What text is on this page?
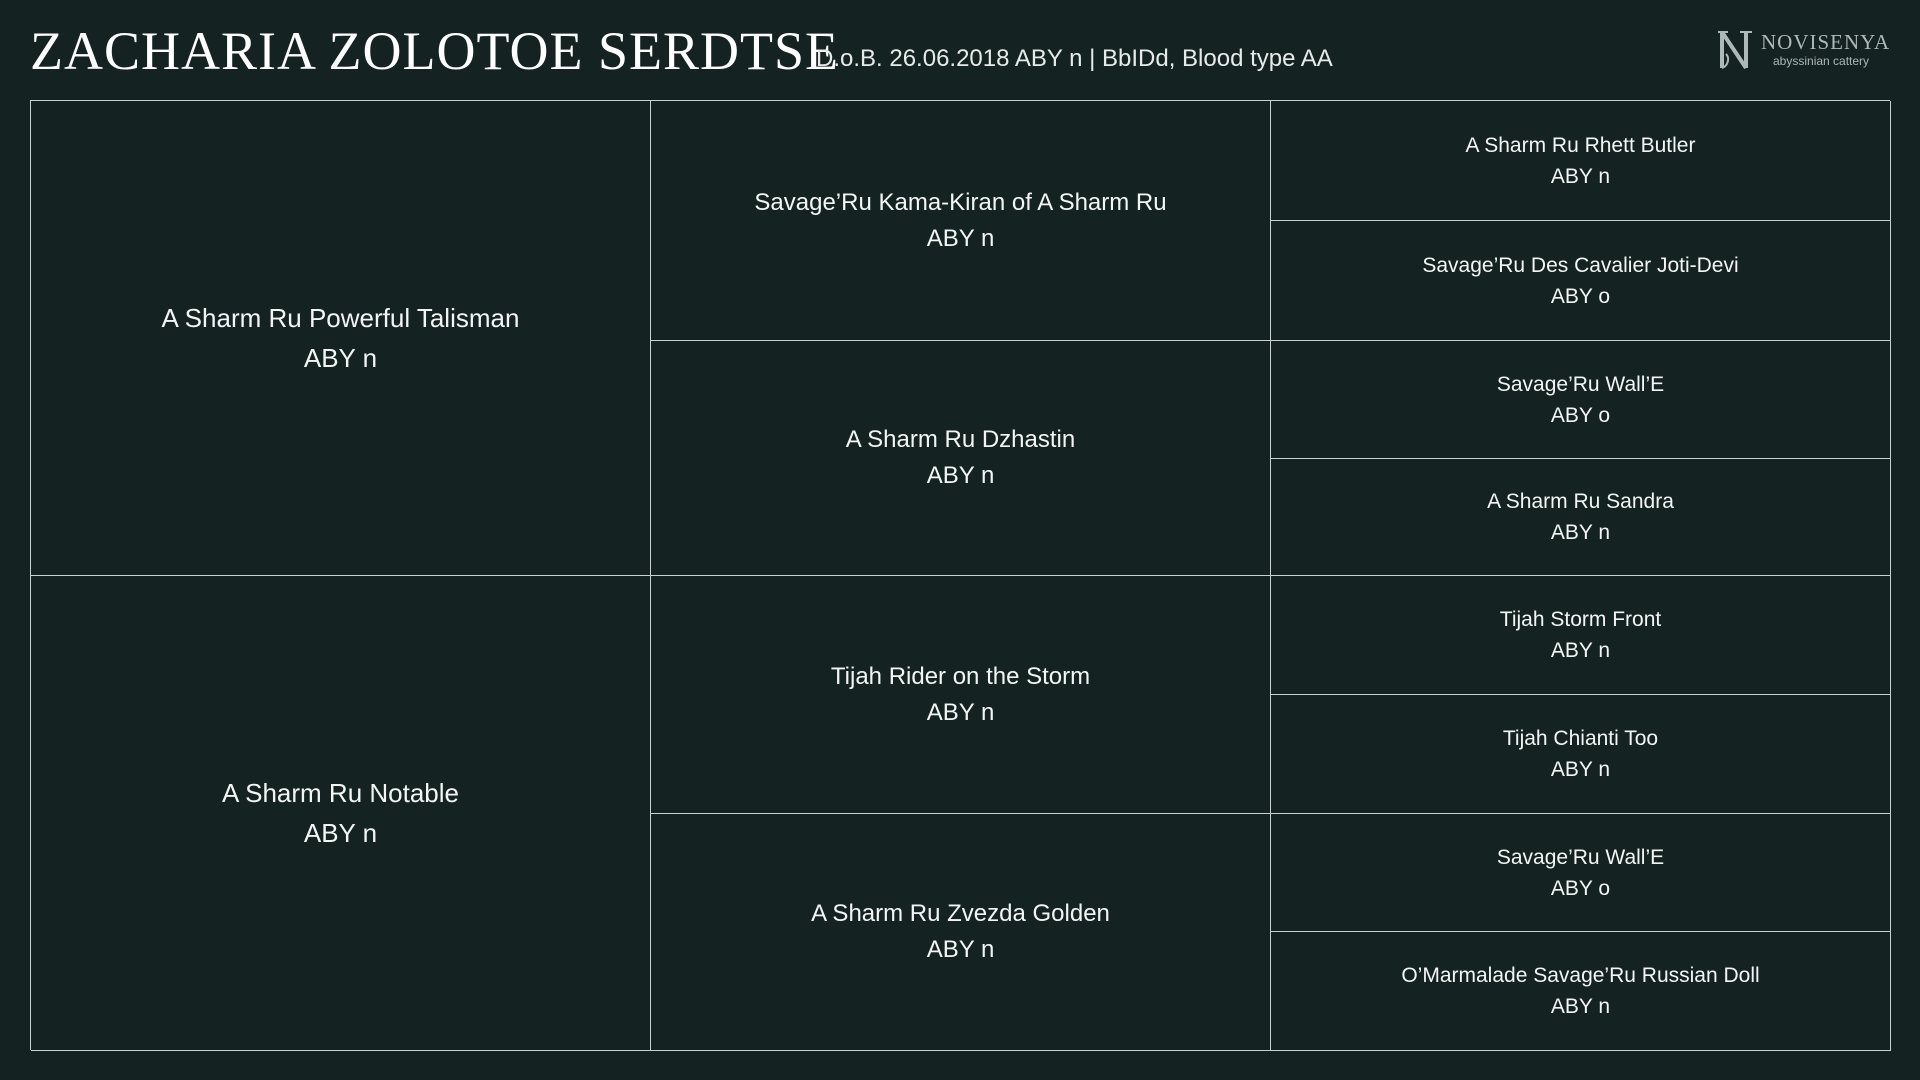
ZACHARIA ZOLOTOE SERDTSE
D.o.B. 26.06.2018 ABY n | BbIDd, Blood type AA
NOVISENYA
abyssinian cattery
A Sharm Ru Powerful Talisman
ABY n
A Sharm Ru Notable
ABY n
Savage’Ru Kama-Kiran of A Sharm Ru
ABY n
A Sharm Ru Dzhastin
ABY n
Tijah Rider on the Storm
ABY n
A Sharm Ru Zvezda Golden
ABY n
A Sharm Ru Rhett Butler
ABY n
Savage’Ru Des Cavalier Joti-Devi
ABY o
Savage’Ru Wall’E
ABY o
A Sharm Ru Sandra
ABY n
Tijah Storm Front
ABY n
Tijah Chianti Too
ABY n
Savage’Ru Wall’E
ABY o
O’Marmalade Savage’Ru Russian Doll
ABY n
